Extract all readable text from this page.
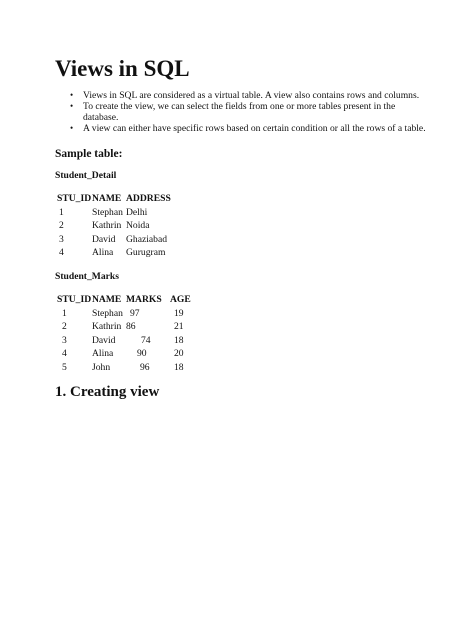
Views in SQL
• Views in SQL are considered as a virtual table. A view also contains rows and columns.
• To create the view, we can select the fields from one or more tables present in the database.
• A view can either have specific rows based on certain condition or all the rows of a table.
Sample table:
Student_Detail
STU_ID	NAME	ADDRESS
1	Stephan	Delhi
2	Kathrin	Noida
3	David	Ghaziabad
4	Alina	Gurugram
Student_Marks
STU_ID	NAME	MARKS	AGE
1	Stephan	97	19
2	Kathrin	86	21
3	David	74	18
4	Alina	90	20
5	John	96	18
1. Creating view
